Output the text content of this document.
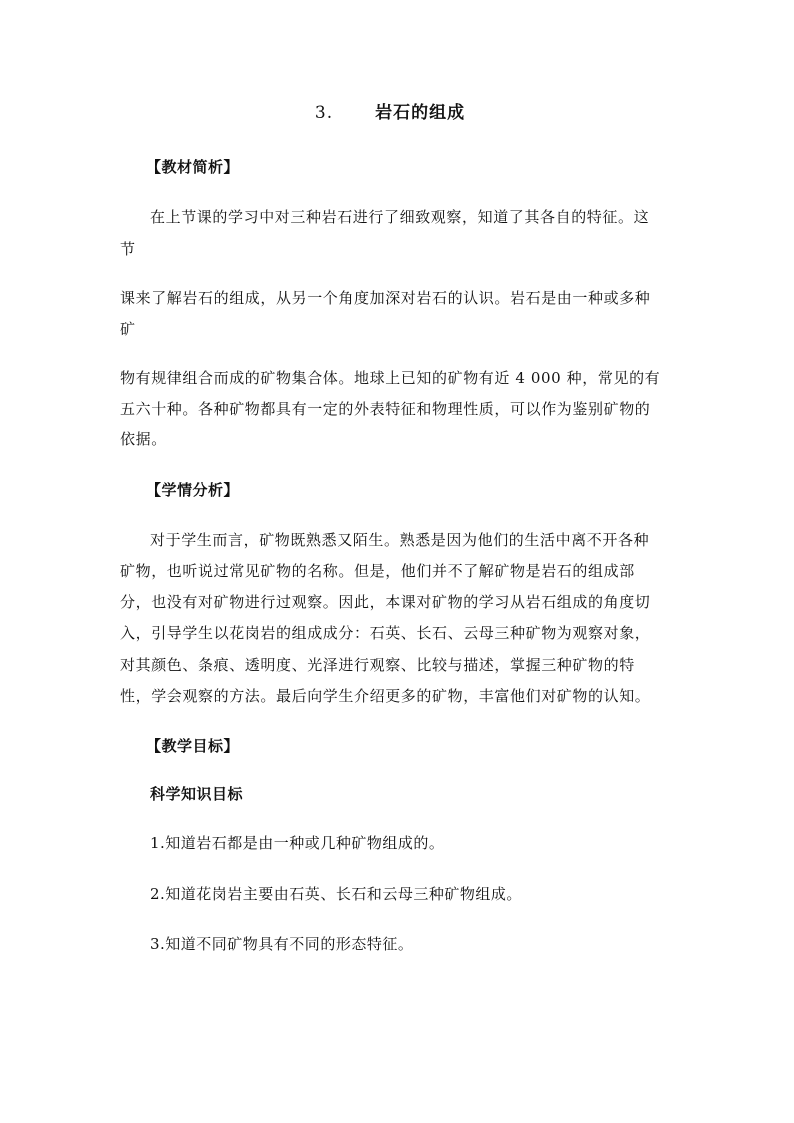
3. 岩石的组成
【教材简析】
在上节课的学习中对三种岩石进行了细致观察，知道了其各自的特征。这
节
课来了解岩石的组成，从另一个角度加深对岩石的认识。岩石是由一种或多种
矿
物有规律组合而成的矿物集合体。地球上已知的矿物有近 4 000 种，常见的有
五六十种。各种矿物都具有一定的外表特征和物理性质，可以作为鉴别矿物的
依据。
【学情分析】
对于学生而言，矿物既熟悉又陌生。熟悉是因为他们的生活中离不开各种
矿物，也听说过常见矿物的名称。但是，他们并不了解矿物是岩石的组成部
分，也没有对矿物进行过观察。因此，本课对矿物的学习从岩石组成的角度切
入，引导学生以花岗岩的组成成分：石英、长石、云母三种矿物为观察对象，
对其颜色、条痕、透明度、光泽进行观察、比较与描述，掌握三种矿物的特
性，学会观察的方法。最后向学生介绍更多的矿物，丰富他们对矿物的认知。
【教学目标】
科学知识目标
1.知道岩石都是由一种或几种矿物组成的。
2.知道花岗岩主要由石英、长石和云母三种矿物组成。
3.知道不同矿物具有不同的形态特征。
